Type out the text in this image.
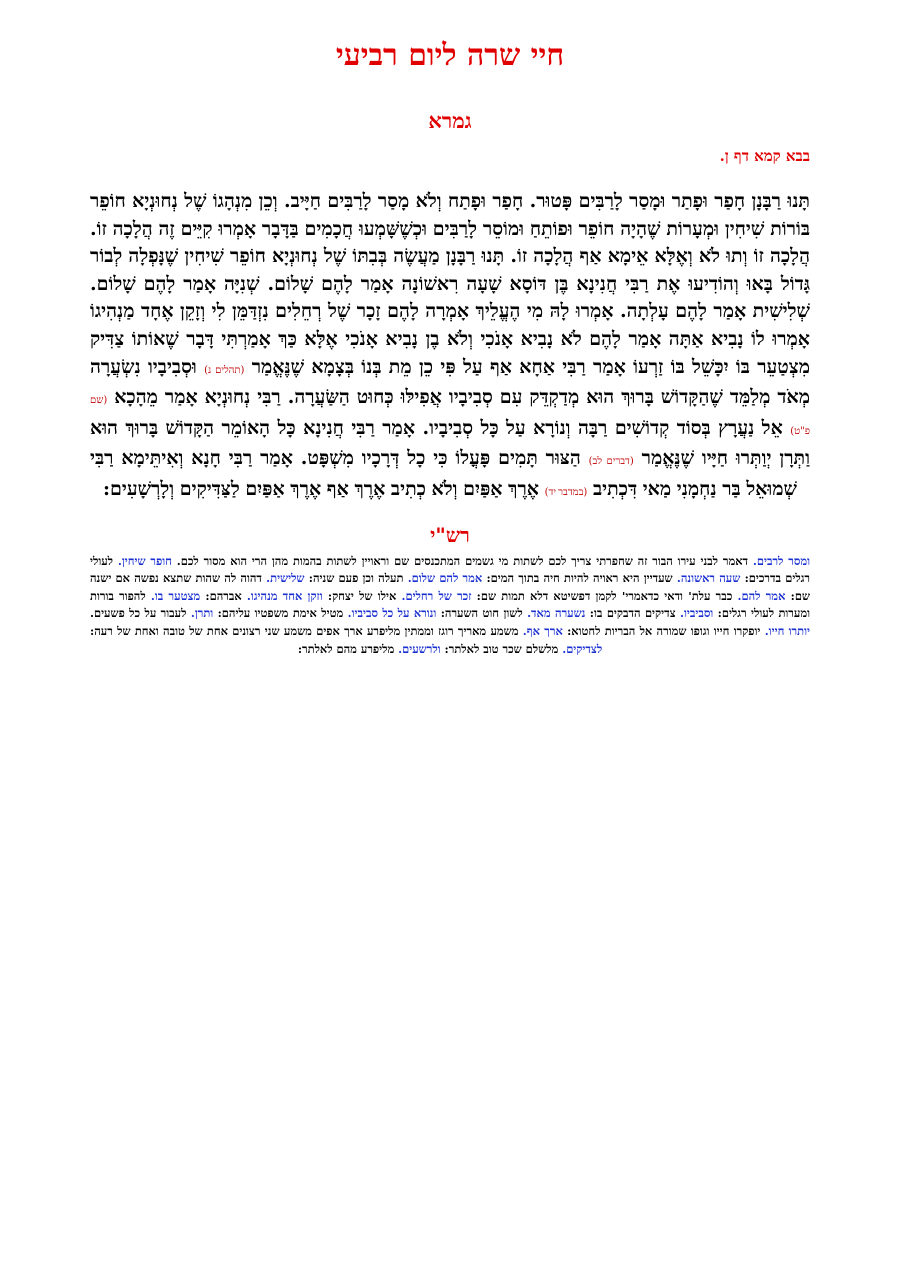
חיי שרה ליום רביעי
גמרא
בבא קמא דף ן.
תָּנוּ רַבָּנָן חָפַר וּפָתַר וּמָסַר לָרַבִּים פָּטוּר. חָפַר וּפָתַח וְלֹא מָסַר לָרַבִּים חַיָּיב. וְכֵן מִנְהָגוֹ שֶׁל נְחוּנְיָא חוֹפֵר בּוֹרוֹת שִׁיחִין וּמְעָרוֹת שֶׁהָיָה חוֹפֵר וּפוֹתֵחַ וּמוֹסֵר לָרַבִּים וּכְשֶׁשָּׁמְעוּ חֲכָמִים בַּדָּבָר אָמְרוּ קִיֵּים זֶה הֲלָכָה זוֹ. הֲלָכָה זוֹ וְתוּ לֹא וְאֶלָּא אֵימָא אַף הֲלָכָה זוֹ. תָּנוּ רַבָּנָן מַעֲשֶׂה בְּבִתּוֹ שֶׁל נְחוּנְיָא חוֹפֵר שִׁיחִין שֶׁנָּפְלָה לְבוֹר גָּדוֹל בָּאוּ וְהוֹדִיעוּ אֶת רַבִּי חֲנִינָא בֶּן דּוֹסָא שָׁעָה רִאשׁוֹנָה אָמַר לָהֶם שָׁלוֹם. שְׁנִיָּה אָמַר לָהֶם שָׁלוֹם. שְׁלִישִׁית אָמַר לָהֶם עָלְתָה. אָמְרוּ לָהּ מִי הֶעֱלֵיךְ אָמְרָה לָהֶם זָכָר שֶׁל רְחֵלִים נִזְדַּמֵּן לִי וְזָקֵן אֶחָד מַנְהִיגוֹ אָמְרוּ לוֹ נָבִיא אַתָּה אָמַר לָהֶם לֹא נָבִיא אָנֹכִי וְלֹא בֶן נָבִיא אָנֹכִי אֶלָּא כַּךְ אָמַרְתִּי דָּבָר שֶׁאוֹתוֹ צַדִּיק מִצְטַעֵר בּוֹ יִכָּשֵׁל בּוֹ זַרְעוֹ אָמַר רַבִּי אַחָא אַף עַל פִּי כֵן מֵת בְּנוֹ בְּצָמָא שֶׁנֶּאֱמַר (תהלים נ) וּסְבִיבָיו נִשְׂעֲרָה מְאֹד מְלַמֵּד שֶׁהַקָּדוֹשׁ בָּרוּךְ הוּא מְדַקְדֵּק עִם סְבִיבָיו אֲפִילּוּ כְּחוּט הַשַּׂעֲרָה. רַבִּי נְחוּנְיָא אָמַר מֵהָכָא (שם פ"ט) אֵל נַעֲרָץ בְּסוֹד קְדוֹשִׁים רַבָּה וְנוֹרָא עַל כָּל סְבִיבָיו. אָמַר רַבִּי חֲנִינָא כָּל הָאוֹמֵר הַקָּדוֹשׁ בָּרוּךְ הוּא וַתְּרָן יְוַתְּרוּ חַיָּיו שֶׁנֶּאֱמַר (דברים לב) הַצּוּר תָּמִים פָּעֳלוֹ כִּי כָל דְּרָכָיו מִשְׁפָּט. אָמַר רַבִּי חָנָא וְאִיתֵּימָא רַבִּי שְׁמוּאֵל בַּר נַחְמָנִי מַאי דִּכְתִיב (במדבר יד) אֶרֶךְ אַפַּיִם וְלֹא כְתִיב אֶרֶךְ אַף אֶרֶךְ אַפַּיִם לַצַּדִּיקִים וְלָרְשָׁעִים:
רש"י
ומסר לרבים. דאמר לבני עירו הבור זה שחפרתי צריך לכם לשתות מי גשמים המתכנסים שם וראויין לשתות בהמות מהן הרי הוא מסור לכם. חופר שיחין. לעולי רגלים בדרכים: שעה ראשונה. שעדיין היא ראויה להיות חיה בתוך המים: אמר להם שלום. תעלה וכן פעם שניה: שלישית. דהוה לה שהות שתצא נפשה אם ישנה שם: אמר להם. כבר עלת' ודאי כדאמרי' לקמן דפשיטא דלא תמות שם: זכר של רחלים. אילו של יצחק: וזקן אחד מנהיגו. אברהם: מצטער בו. להפור בורות ומערות לעולי רגלים: וסביביו. צדיקים הדבקים בו: נשערה מאד. לשון חוט השערה: ונורא על כל סביביו. מטיל אימת משפטיו עליהם: ותרן. לעבור על כל פשעים. יותרו חייו. יופקרו חייו וגופו שמורה אל הבריות לחטוא: ארך אף. משמע מאריך רוגז וממתין מליפרע ארך אפים משמע שני רצונים אחת של טובה ואחת של רעה: לצדיקים. מלשלם שכר טוב לאלתר: ולרשעים. מליפרע מהם לאלתר:
